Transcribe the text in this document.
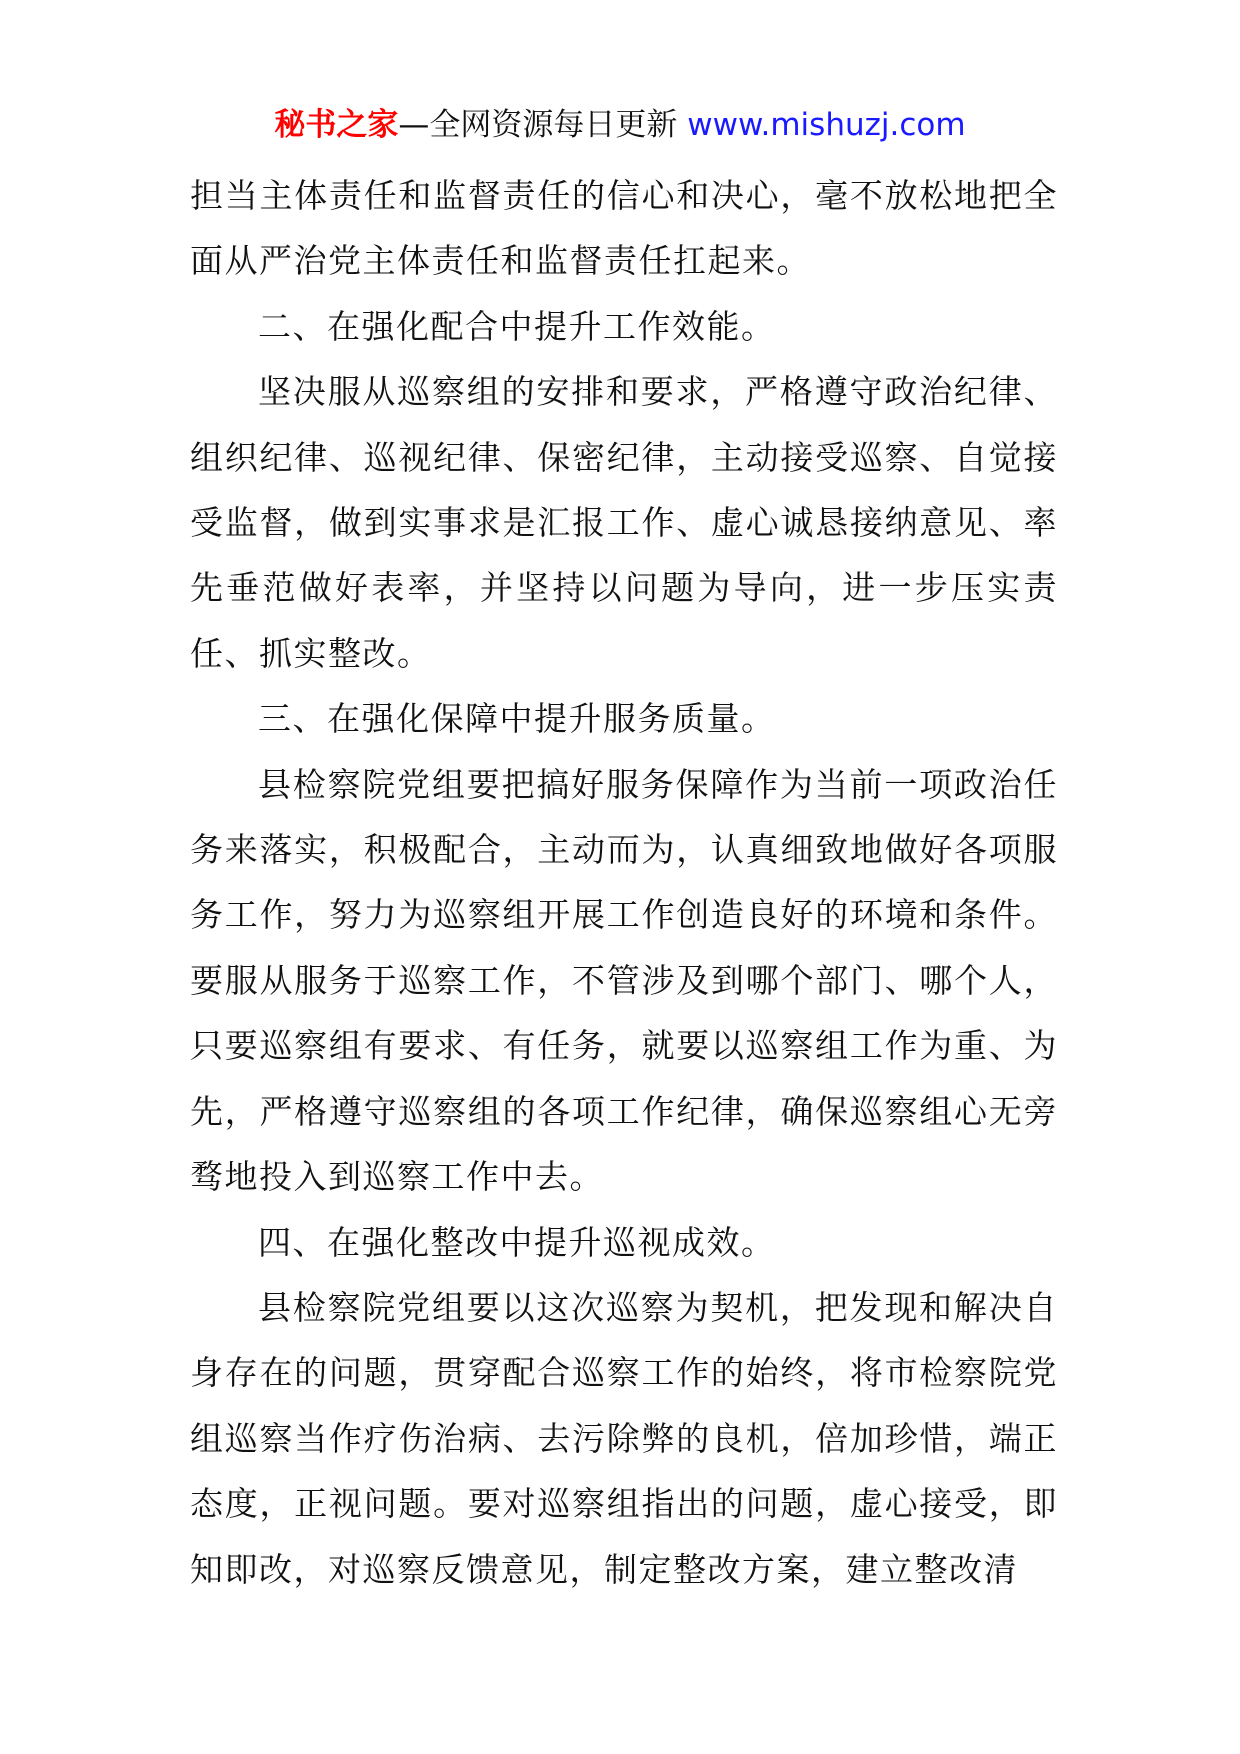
秘书之家—全网资源每日更新 www.mishuzj.com

担当主体责任和监督责任的信心和决心，毫不放松地把全面从严治党主体责任和监督责任扛起来。

二、在强化配合中提升工作效能。

坚决服从巡察组的安排和要求，严格遵守政治纪律、组织纪律、巡视纪律、保密纪律，主动接受巡察、自觉接受监督，做到实事求是汇报工作、虚心诚恳接纳意见、率先垂范做好表率，并坚持以问题为导向，进一步压实责任、抓实整改。

三、在强化保障中提升服务质量。

县检察院党组要把搞好服务保障作为当前一项政治任务来落实，积极配合，主动而为，认真细致地做好各项服务工作，努力为巡察组开展工作创造良好的环境和条件。要服从服务于巡察工作，不管涉及到哪个部门、哪个人，只要巡察组有要求、有任务，就要以巡察组工作为重、为先，严格遵守巡察组的各项工作纪律，确保巡察组心无旁骛地投入到巡察工作中去。

四、在强化整改中提升巡视成效。

县检察院党组要以这次巡察为契机，把发现和解决自身存在的问题，贯穿配合巡察工作的始终，将市检察院党组巡察当作疗伤治病、去污除弊的良机，倍加珍惜，端正态度，正视问题。要对巡察组指出的问题，虚心接受，即知即改，对巡察反馈意见，制定整改方案，建立整改清
